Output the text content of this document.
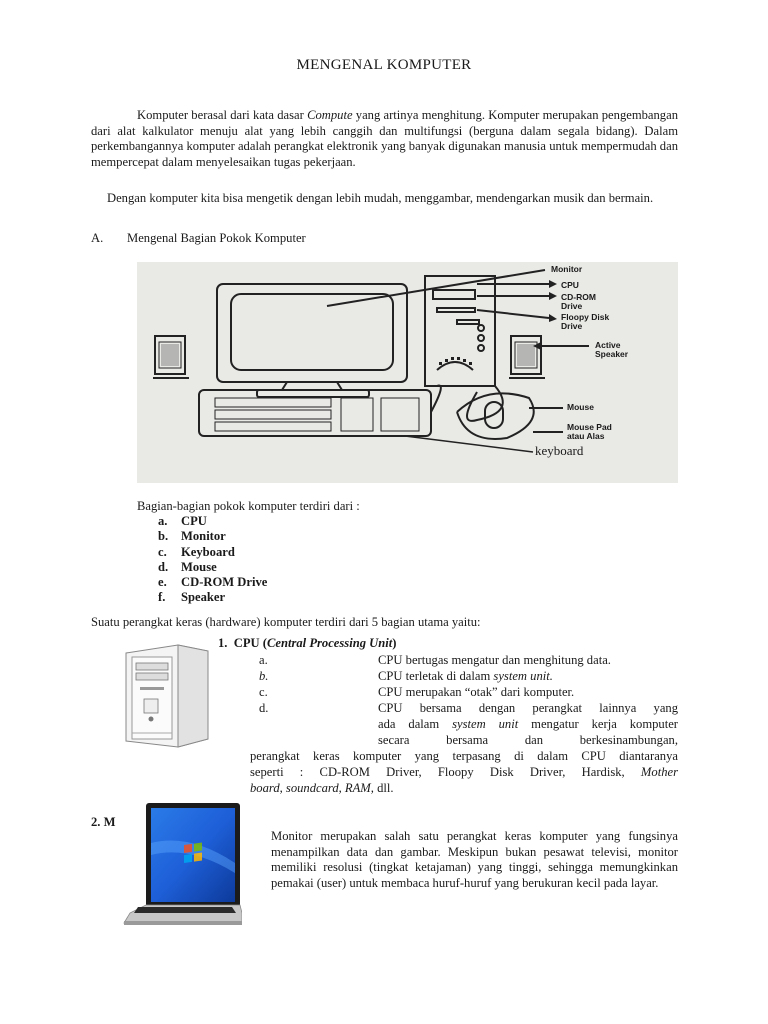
MENGENAL KOMPUTER
Komputer berasal dari kata dasar Compute yang artinya menghitung. Komputer merupakan pengembangan dari alat kalkulator menuju alat yang lebih canggih dan multifungsi (berguna dalam segala bidang). Dalam perkembangannya komputer adalah perangkat elektronik yang banyak digunakan manusia untuk mempermudah dan mempercepat dalam menyelesaikan tugas pekerjaan.
Dengan komputer kita bisa mengetik dengan lebih mudah, menggambar, mendengarkan musik dan bermain.
A. Mengenal Bagian Pokok Komputer
Monitor
CPU
CD-ROM
Drive
Floopy Disk
Drive
Active
Speaker
Mouse
Mouse Pad
atau Alas
keyboard
Bagian-bagian pokok komputer terdiri dari :
a. CPU
b. Monitor
c. Keyboard
d. Mouse
e. CD-ROM Drive
f. Speaker
Suatu perangkat keras (hardware) komputer terdiri dari 5 bagian utama yaitu:
1. CPU (Central Processing Unit)
a.	CPU bertugas mengatur dan menghitung data.
b.	CPU terletak di dalam system unit.
c.	CPU merupakan “otak” dari komputer.
d.	CPU bersama dengan perangkat lainnya yang
ada dalam system unit mengatur kerja komputer
secara bersama dan berkesinambungan,
perangkat keras komputer yang terpasang di dalam CPU diantaranya
seperti : CD-ROM Driver, Floopy Disk Driver, Hardisk, Mother
board, soundcard, RAM, dll.
2. M
Monitor merupakan salah satu perangkat keras komputer yang fungsinya menampilkan data dan gambar. Meskipun bukan pesawat televisi, monitor memiliki resolusi (tingkat ketajaman) yang tinggi, sehingga memungkinkan pemakai (user) untuk membaca huruf-huruf yang berukuran kecil pada layar.
